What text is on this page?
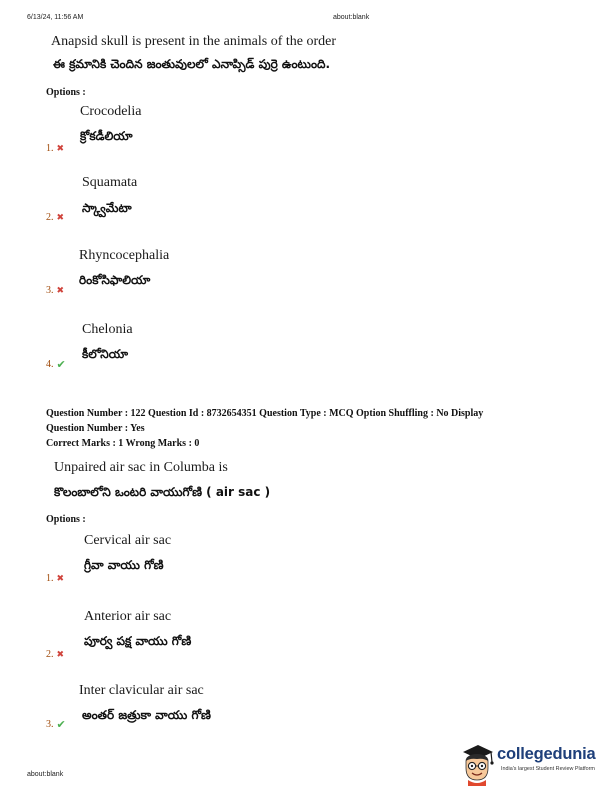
6/13/24, 11:56 AM	about:blank
Anapsid skull is present in the animals of the order
ఈ క్రమానికి చెందిన జంతువులలో ఎనాప్సిడ్ పుర్రె ఉంటుంది.
Options :
Crocodelia
క్రోకడీలియా
1. ✖
Squamata
స్క్వామేటా
2. ✖
Rhyncocephalia
రింకోసిఫాలియా
3. ✖
Chelonia
కీలోనియా
4. ✔
Question Number : 122 Question Id : 8732654351 Question Type : MCQ Option Shuffling : No Display
Question Number : Yes
Correct Marks : 1 Wrong Marks : 0
Unpaired air sac in Columba is
కొలంబాలోని ఒంటరి వాయుగోణి ( air sac )
Options :
Cervical air sac
గ్రీవా వాయు గోణి
1. ✖
Anterior air sac
పూర్వ పక్ష వాయు గోణి
2. ✖
Inter clavicular air sac
అంతర్ జత్రుకా వాయు గోణి
3. ✔
about:blank
collegedunia
India's largest Student Review Platform
